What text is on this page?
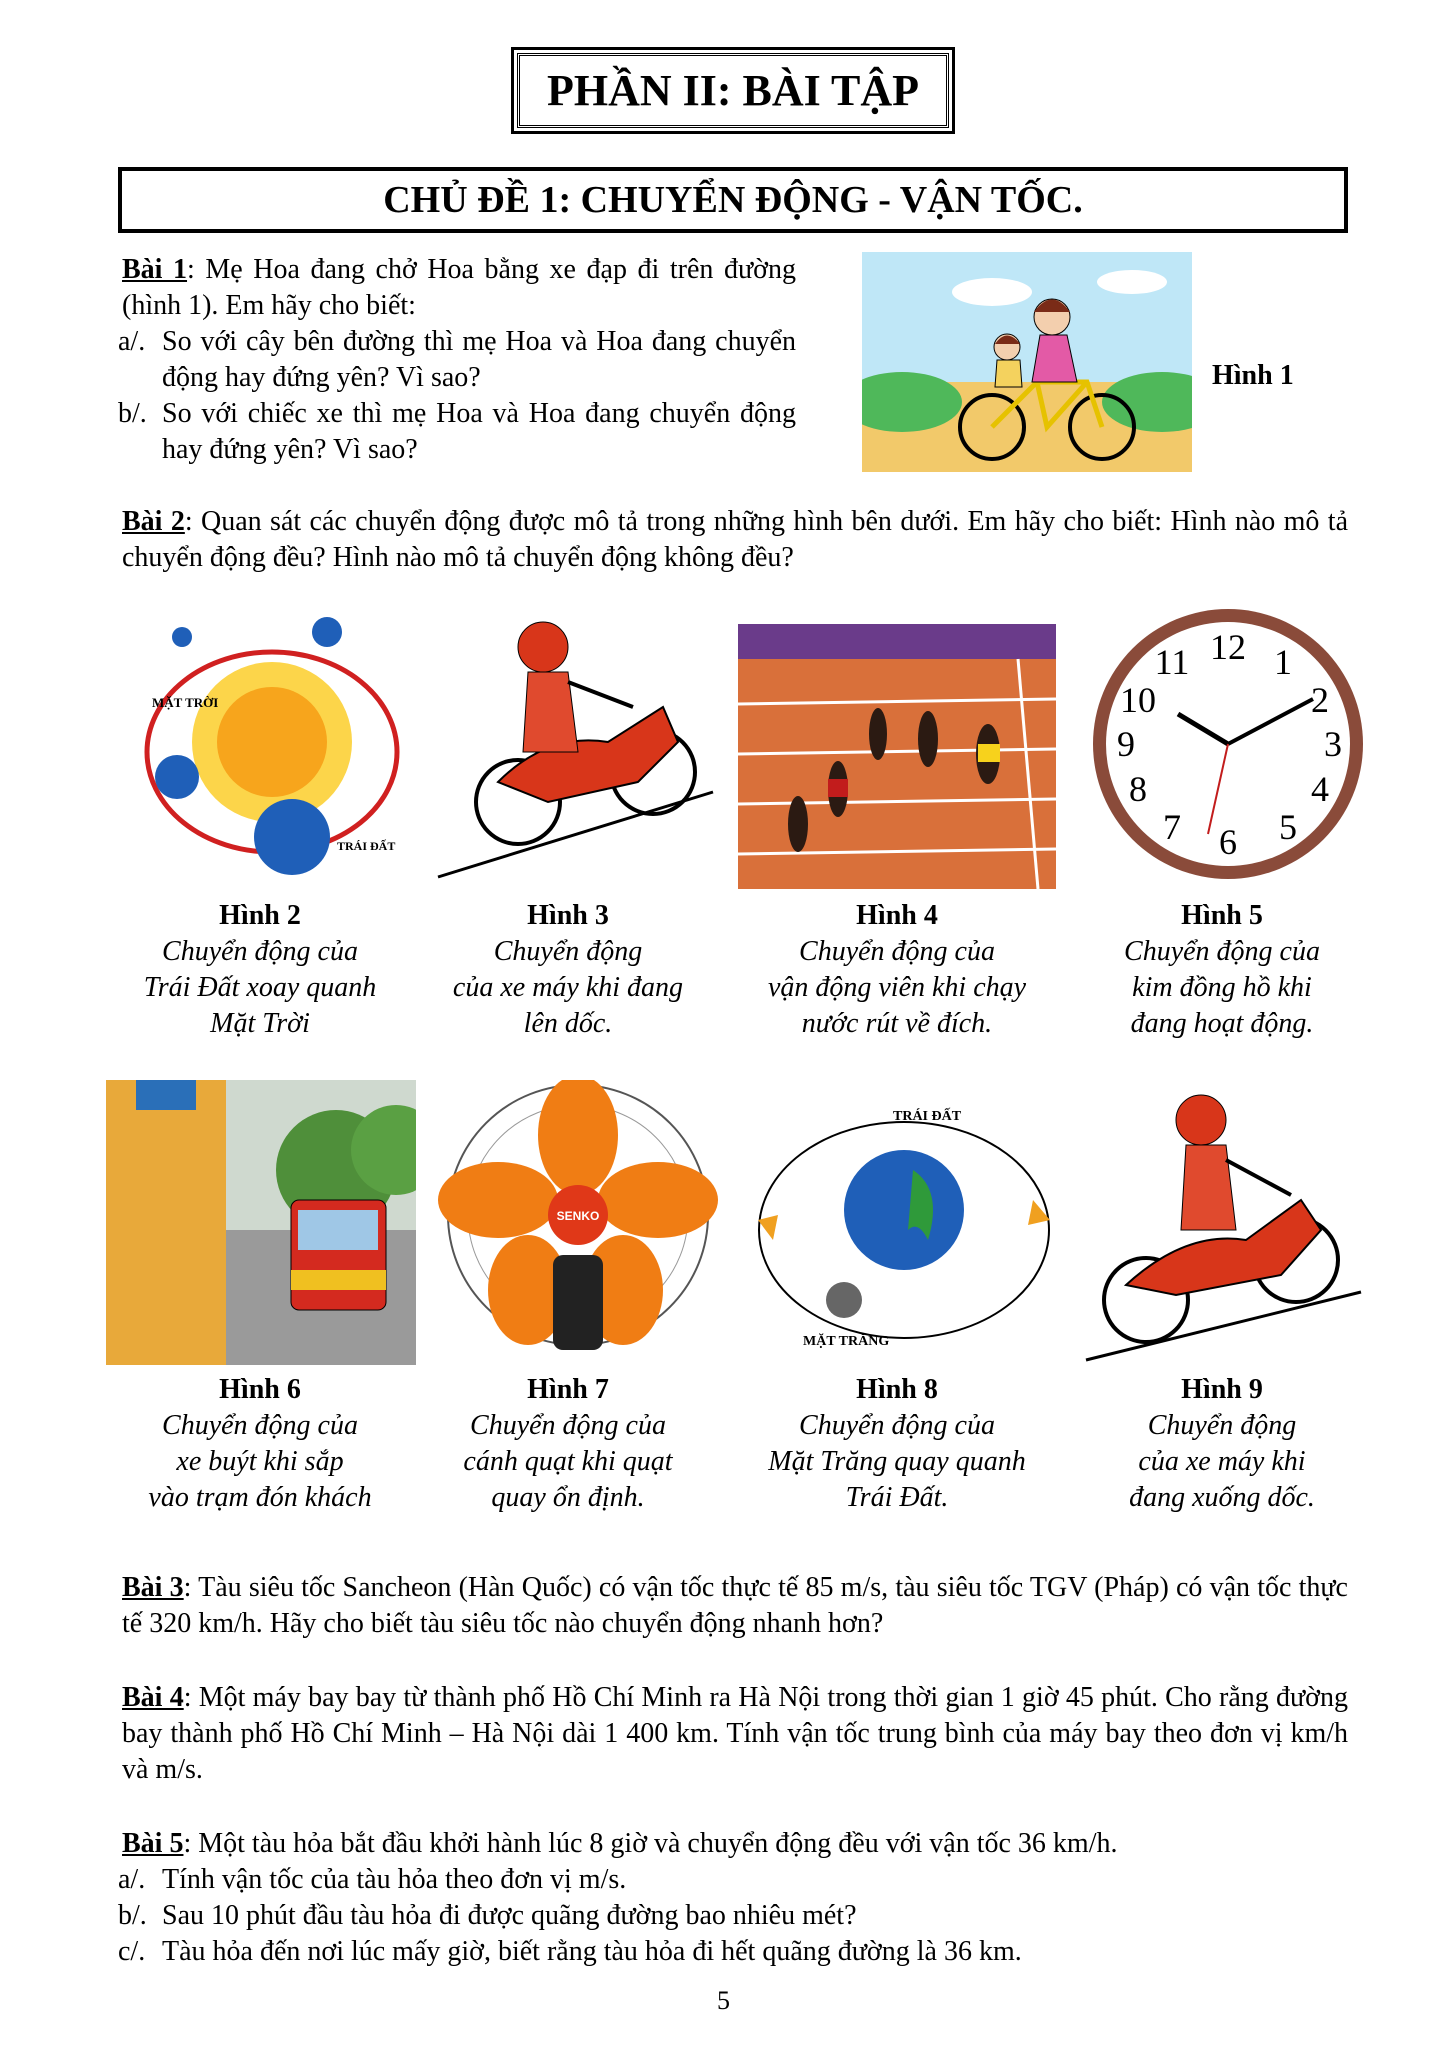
PHẦN II: BÀI TẬP
CHỦ ĐỀ 1: CHUYỂN ĐỘNG - VẬN TỐC.
Bài 1: Mẹ Hoa đang chở Hoa bằng xe đạp đi trên đường (hình 1). Em hãy cho biết:
a/. So với cây bên đường thì mẹ Hoa và Hoa đang chuyển động hay đứng yên? Vì sao?
b/. So với chiếc xe thì mẹ Hoa và Hoa đang chuyển động hay đứng yên? Vì sao?
Hình 1
Bài 2: Quan sát các chuyển động được mô tả trong những hình bên dưới. Em hãy cho biết: Hình nào mô tả chuyển động đều? Hình nào mô tả chuyển động không đều?
MẶT TRỜI
TRÁI ĐẤT
12 1
2
3
4
5
6
7
8
9
10
11
Hình 2
Chuyển động của
Trái Đất xoay quanh
Mặt Trời
Hình 3
Chuyển động
của xe máy khi đang
lên dốc.
Hình 4
Chuyển động của
vận động viên khi chạy
nước rút về đích.
Hình 5
Chuyển động của
kim đồng hồ khi
đang hoạt động.
SENKO
TRÁI ĐẤT
MẶT TRĂNG
Hình 6
Chuyển động của
xe buýt khi sắp
vào trạm đón khách
Hình 7
Chuyển động của
cánh quạt khi quạt
quay ổn định.
Hình 8
Chuyển động của
Mặt Trăng quay quanh
Trái Đất.
Hình 9
Chuyển động
của xe máy khi
đang xuống dốc.
Bài 3: Tàu siêu tốc Sancheon (Hàn Quốc) có vận tốc thực tế 85 m/s, tàu siêu tốc TGV (Pháp) có vận tốc thực tế 320 km/h. Hãy cho biết tàu siêu tốc nào chuyển động nhanh hơn?
Bài 4: Một máy bay bay từ thành phố Hồ Chí Minh ra Hà Nội trong thời gian 1 giờ 45 phút. Cho rằng đường bay thành phố Hồ Chí Minh – Hà Nội dài 1 400 km. Tính vận tốc trung bình của máy bay theo đơn vị km/h và m/s.
Bài 5: Một tàu hỏa bắt đầu khởi hành lúc 8 giờ và chuyển động đều với vận tốc 36 km/h.
a/. Tính vận tốc của tàu hỏa theo đơn vị m/s.
b/. Sau 10 phút đầu tàu hỏa đi được quãng đường bao nhiêu mét?
c/. Tàu hỏa đến nơi lúc mấy giờ, biết rằng tàu hỏa đi hết quãng đường là 36 km.
5
